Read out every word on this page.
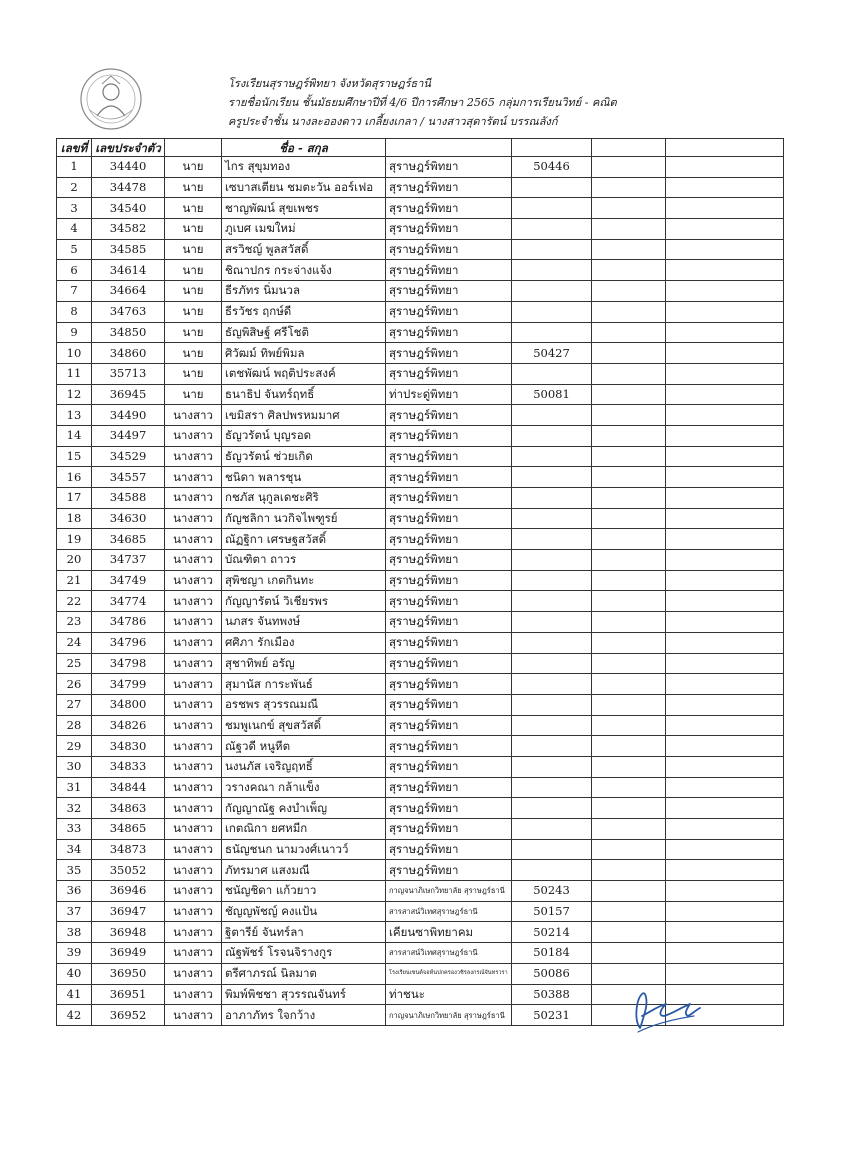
โรงเรียนสุราษฎร์พิทยา จังหวัดสุราษฎร์ธานี
รายชื่อนักเรียน ชั้นมัธยมศึกษาปีที่ 4/6 ปีการศึกษา 2565 กลุ่มการเรียนวิทย์ - คณิต
ครูประจำชั้น นางละอองดาว เกลี้ยงเกลา / นางสาวสุดารัตน์ บรรณลังก์
เลขที่	เลขประจำตัว		ชื่อ - สกุล				
1	34440	นาย	ไกร สุขุมทอง	สุราษฎร์พิทยา	50446		
2	34478	นาย	เซบาสเตียน ชมตะวัน ออร์เฟอ	สุราษฎร์พิทยา			
3	34540	นาย	ชาญพัฒน์ สุขเพชร	สุราษฎร์พิทยา			
4	34582	นาย	ภูเบศ เมฆใหม่	สุราษฎร์พิทยา			
5	34585	นาย	สรวิชญ์ พูลสวัสดิ์	สุราษฎร์พิทยา			
6	34614	นาย	ชิณาปกร กระจ่างแจ้ง	สุราษฎร์พิทยา			
7	34664	นาย	ธีรภัทร นิ่มนวล	สุราษฎร์พิทยา			
8	34763	นาย	ธีรวัชร ฤกษ์ดี	สุราษฎร์พิทยา			
9	34850	นาย	ธัญพิสิษฐ์ ศรีโชติ	สุราษฎร์พิทยา			
10	34860	นาย	ศิวัฒม์ ทิพย์พิมล	สุราษฎร์พิทยา	50427		
11	35713	นาย	เตชพัฒน์ พฤติประสงค์	สุราษฎร์พิทยา			
12	36945	นาย	ธนาธิป จันทร์ฤทธิ์	ท่าประดู่พิทยา	50081		
13	34490	นางสาว	เขมิสรา ศิลปพรหมมาศ	สุราษฎร์พิทยา			
14	34497	นางสาว	ธัญวรัตน์ บุญรอด	สุราษฎร์พิทยา			
15	34529	นางสาว	ธัญวรัตน์ ช่วยเกิด	สุราษฎร์พิทยา			
16	34557	นางสาว	ชนิดา พลารชุน	สุราษฎร์พิทยา			
17	34588	นางสาว	กชภัส นุกูลเดชะศิริ	สุราษฎร์พิทยา			
18	34630	นางสาว	กัญชลิกา นวกิจไพฑูรย์	สุราษฎร์พิทยา			
19	34685	นางสาว	ณัฏฐิกา เศรษฐสวัสดิ์	สุราษฎร์พิทยา			
20	34737	นางสาว	บัณฑิตา ถาวร	สุราษฎร์พิทยา			
21	34749	นางสาว	สุพิชญา เกตกินทะ	สุราษฎร์พิทยา			
22	34774	นางสาว	กัญญารัตน์ วิเชียรพร	สุราษฎร์พิทยา			
23	34786	นางสาว	นภสร จันทพงษ์	สุราษฎร์พิทยา			
24	34796	นางสาว	ศศิภา รักเมือง	สุราษฎร์พิทยา			
25	34798	นางสาว	สุชาทิพย์ อรัญ	สุราษฎร์พิทยา			
26	34799	นางสาว	สุมานัส การะพันธ์	สุราษฎร์พิทยา			
27	34800	นางสาว	อรชพร สุวรรณมณี	สุราษฎร์พิทยา			
28	34826	นางสาว	ชมพูเนกข์ สุขสวัสดิ์	สุราษฎร์พิทยา			
29	34830	นางสาว	ณัฐวดี หนูหีต	สุราษฎร์พิทยา			
30	34833	นางสาว	นงนภัส เจริญฤทธิ์	สุราษฎร์พิทยา			
31	34844	นางสาว	วรางคณา กล้าแข็ง	สุราษฎร์พิทยา			
32	34863	นางสาว	กัญญาณัฐ คงบำเพ็ญ	สุราษฎร์พิทยา			
33	34865	นางสาว	เกตณิกา ยศหมีก	สุราษฎร์พิทยา			
34	34873	นางสาว	ธนัญชนก นามวงศ์เนาวว์	สุราษฎร์พิทยา			
35	35052	นางสาว	ภัทรมาศ แสงมณี	สุราษฎร์พิทยา			
36	36946	นางสาว	ชนัญชิดา แก้วยาว	กาญจนาภิเษกวิทยาลัย สุราษฎร์ธานี	50243		
37	36947	นางสาว	ชัญญพัชญ์ คงแป้น	สารสาสน์วิเทศสุราษฎร์ธานี	50157		
38	36948	นางสาว	ฐิตารีย์ จันทร์ลา	เคียนซาพิทยาคม	50214		
39	36949	นางสาว	ณัฐพัชร์ โรจนจิรางกูร	สารสาสน์วิเทศสุราษฎร์ธานี	50184		
40	36950	นางสาว	ตรีศาภรณ์ นิลมาต	โรงเรียนเซนต์จอห์นปกครองวชิรลงกรณ์จันทรวรา	50086		
41	36951	นางสาว	พิมพ์พิชชา สุวรรณจันทร์	ท่าชนะ	50388		
42	36952	นางสาว	อาภาภัทร ใจกว้าง	กาญจนาภิเษกวิทยาลัย สุราษฎร์ธานี	50231		
